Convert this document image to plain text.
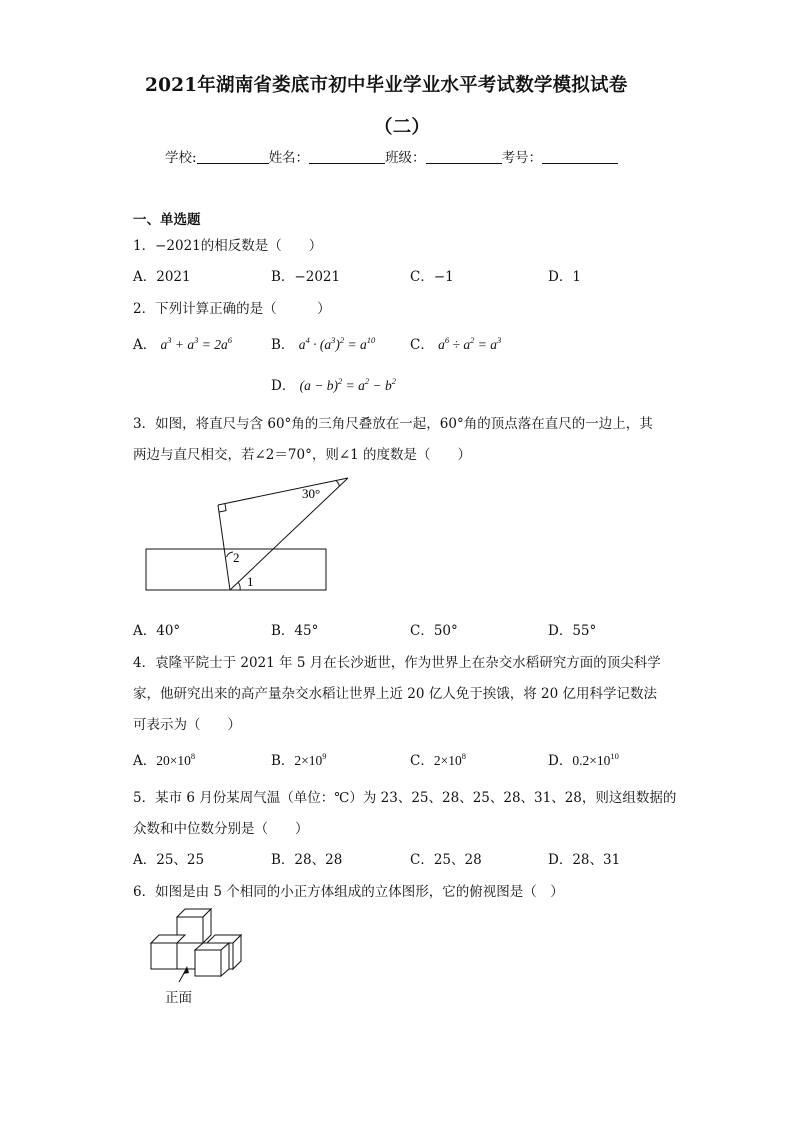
2021年湖南省娄底市初中毕业学业水平考试数学模拟试卷
（二）
学校:	姓名：	班级：	考号：
一、单选题
1．−2021的相反数是（　　）
A．2021	B．−2021	C．−1	D．1
2．下列计算正确的是（　　　）
A． $a^3 + a^3 = 2a^6$	B． $a^4 \cdot (a^3)^2 = a^{10}$	C． $a^6 \div a^2 = a^3$
D． $(a - b)^2 = a^2 - b^2$
3．如图，将直尺与含 60°角的三角尺叠放在一起，60°角的顶点落在直尺的一边上，其
两边与直尺相交，若∠2＝70°，则∠1 的度数是（　　）
30°
2
1
A．40°	B．45°	C．50°	D．55°
4．袁隆平院士于 2021 年 5 月在长沙逝世，作为世界上在杂交水稻研究方面的顶尖科学
家，他研究出来的高产量杂交水稻让世界上近 20 亿人免于挨饿，将 20 亿用科学记数法
可表示为（　　）
A．$20\times 10^8$	B．$2\times 10^9$	C．$2\times 10^8$	D．$0.2\times 10^{10}$
5．某市 6 月份某周气温（单位：℃）为 23、25、28、25、28、31、28，则这组数据的
众数和中位数分别是（　　）
A．25、25	B．28、28	C．25、28	D．28、31
6．如图是由 5 个相同的小正方体组成的立体图形，它的俯视图是（　）
正面
